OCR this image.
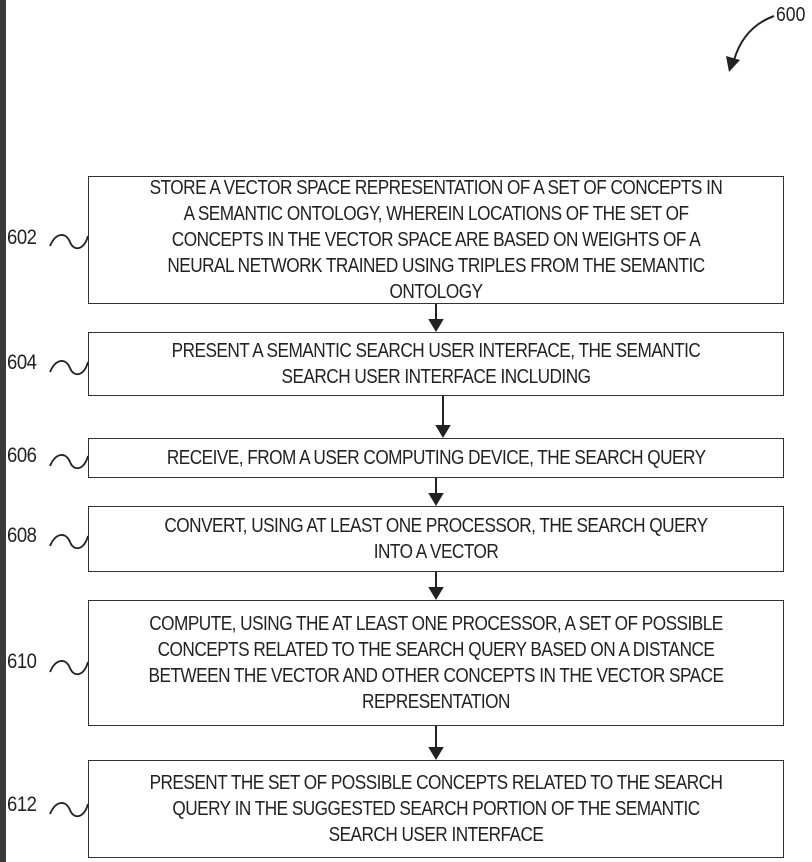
600
602
604
606
608
610
612
STORE A VECTOR SPACE REPRESENTATION OF A SET OF CONCEPTS IN A SEMANTIC ONTOLOGY, WHEREIN LOCATIONS OF THE SET OF CONCEPTS IN THE VECTOR SPACE ARE BASED ON WEIGHTS OF A NEURAL NETWORK TRAINED USING TRIPLES FROM THE SEMANTIC ONTOLOGY
PRESENT A SEMANTIC SEARCH USER INTERFACE, THE SEMANTIC SEARCH USER INTERFACE INCLUDING
RECEIVE, FROM A USER COMPUTING DEVICE, THE SEARCH QUERY
CONVERT, USING AT LEAST ONE PROCESSOR, THE SEARCH QUERY INTO A VECTOR
COMPUTE, USING THE AT LEAST ONE PROCESSOR, A SET OF POSSIBLE CONCEPTS RELATED TO THE SEARCH QUERY BASED ON A DISTANCE BETWEEN THE VECTOR AND OTHER CONCEPTS IN THE VECTOR SPACE REPRESENTATION
PRESENT THE SET OF POSSIBLE CONCEPTS RELATED TO THE SEARCH QUERY IN THE SUGGESTED SEARCH PORTION OF THE SEMANTIC SEARCH USER INTERFACE
